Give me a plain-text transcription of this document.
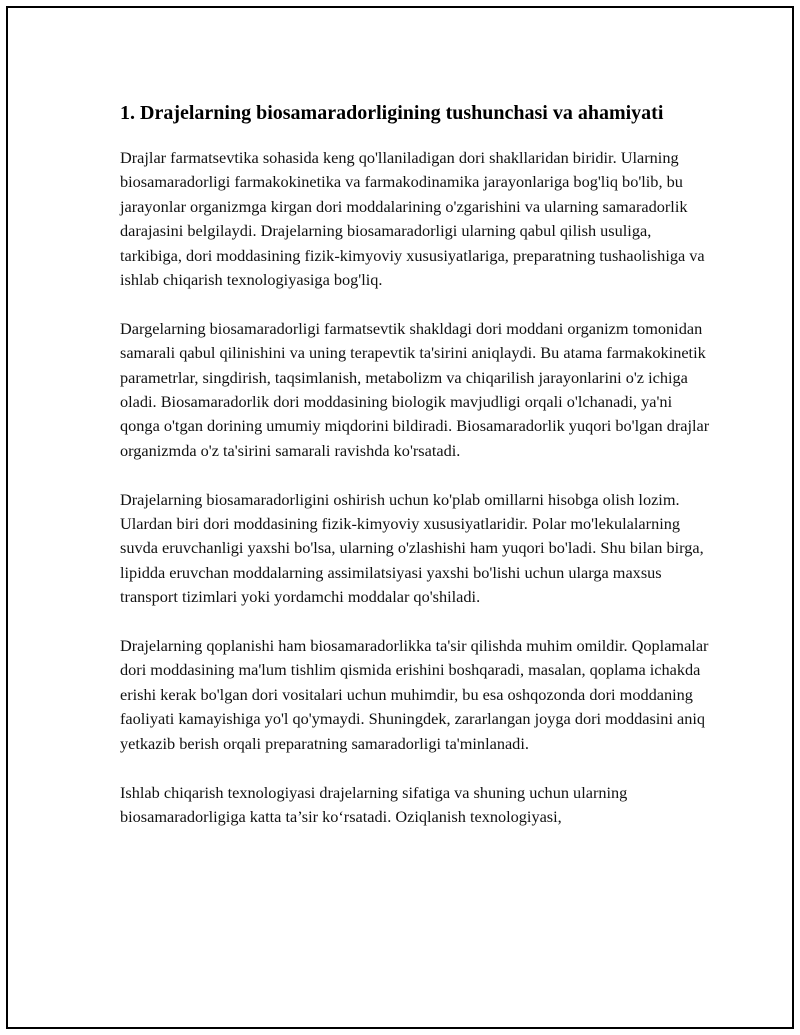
1. Drajelarning biosamaradorligining tushunchasi va ahamiyati

Drajlar farmatsevtika sohasida keng qo'llaniladigan dori shakllaridan biridir. Ularning biosamaradorligi farmakokinetika va farmakodinamika jarayonlariga bog'liq bo'lib, bu jarayonlar organizmga kirgan dori moddalarining o'zgarishini va ularning samaradorlik darajasini belgilaydi. Drajelarning biosamaradorligi ularning qabul qilish usuliga, tarkibiga, dori moddasining fizik-kimyoviy xususiyatlariga, preparatning tushaolishiga va ishlab chiqarish texnologiyasiga bog'liq.

Dargelarning biosamaradorligi farmatsevtik shakldagi dori moddani organizm tomonidan samarali qabul qilinishini va uning terapevtik ta'sirini aniqlaydi. Bu atama farmakokinetik parametrlar, singdirish, taqsimlanish, metabolizm va chiqarilish jarayonlarini o'z ichiga oladi. Biosamaradorlik dori moddasining biologik mavjudligi orqali o'lchanadi, ya'ni qonga o'tgan dorining umumiy miqdorini bildiradi. Biosamaradorlik yuqori bo'lgan drajlar organizmda o'z ta'sirini samarali ravishda ko'rsatadi.

Drajelarning biosamaradorligini oshirish uchun ko'plab omillarni hisobga olish lozim. Ulardan biri dori moddasining fizik-kimyoviy xususiyatlaridir. Polar mo'lekulalarning suvda eruvchanligi yaxshi bo'lsa, ularning o'zlashishi ham yuqori bo'ladi. Shu bilan birga, lipidda eruvchan moddalarning assimilatsiyasi yaxshi bo'lishi uchun ularga maxsus transport tizimlari yoki yordamchi moddalar qo'shiladi.

Drajelarning qoplanishi ham biosamaradorlikka ta'sir qilishda muhim omildir. Qoplamalar dori moddasining ma'lum tishlim qismida erishini boshqaradi, masalan, qoplama ichakda erishi kerak bo'lgan dori vositalari uchun muhimdir, bu esa oshqozonda dori moddaning faoliyati kamayishiga yo'l qo'ymaydi. Shuningdek, zararlangan joyga dori moddasini aniq yetkazib berish orqali preparatning samaradorligi ta'minlanadi.

Ishlab chiqarish texnologiyasi drajelarning sifatiga va shuning uchun ularning biosamaradorligiga katta ta’sir ko‘rsatadi. Oziqlanish texnologiyasi,
